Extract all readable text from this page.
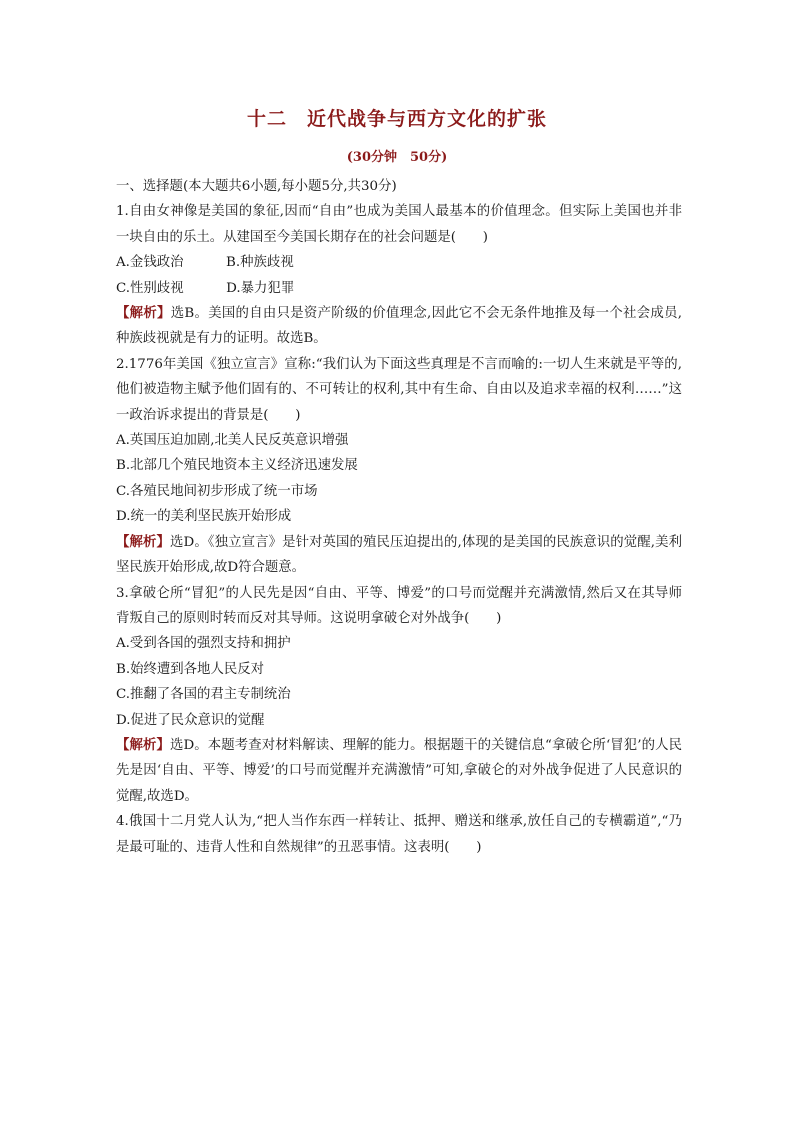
十二　近代战争与西方文化的扩张
(30分钟　50分)

一、选择题(本大题共6小题,每小题5分,共30分)

1.自由女神像是美国的象征,因而“自由”也成为美国人最基本的价值理念。但实际上美国也并非一块自由的乐土。从建国至今美国长期存在的社会问题是(　　)

A.金钱政治          B.种族歧视

C.性别歧视          D.暴力犯罪

【解析】选B。美国的自由只是资产阶级的价值理念,因此它不会无条件地推及每一个社会成员,种族歧视就是有力的证明。故选B。

2.1776年美国《独立宣言》宣称:“我们认为下面这些真理是不言而喻的:一切人生来就是平等的,他们被造物主赋予他们固有的、不可转让的权利,其中有生命、自由以及追求幸福的权利……”这一政治诉求提出的背景是(　　)

A.英国压迫加剧,北美人民反英意识增强

B.北部几个殖民地资本主义经济迅速发展

C.各殖民地间初步形成了统一市场

D.统一的美利坚民族开始形成

【解析】选D。《独立宣言》是针对英国的殖民压迫提出的,体现的是美国的民族意识的觉醒,美利坚民族开始形成,故D符合题意。

3.拿破仑所“冒犯”的人民先是因“自由、平等、博爱”的口号而觉醒并充满激情,然后又在其导师背叛自己的原则时转而反对其导师。这说明拿破仑对外战争(　　)

A.受到各国的强烈支持和拥护

B.始终遭到各地人民反对

C.推翻了各国的君主专制统治

D.促进了民众意识的觉醒

【解析】选D。本题考查对材料解读、理解的能力。根据题干的关键信息“拿破仑所‘冒犯’的人民先是因‘自由、平等、博爱’的口号而觉醒并充满激情”可知,拿破仑的对外战争促进了人民意识的觉醒,故选D。

4.俄国十二月党人认为,“把人当作东西一样转让、抵押、赠送和继承,放任自己的专横霸道”,“乃是最可耻的、违背人性和自然规律”的丑恶事情。这表明(　　)
